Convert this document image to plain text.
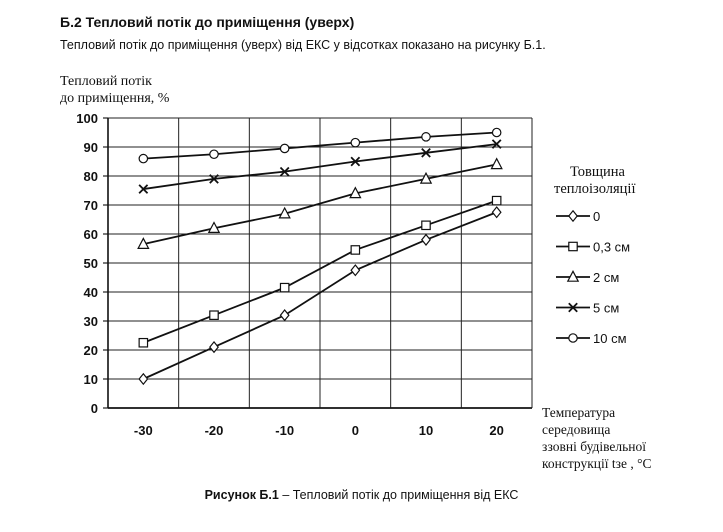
Б.2 Тепловий потік до приміщення (уверх)
Тепловий потік до приміщення (уверх) від ЕКС у відсотках показано на рисунку Б.1.
Тепловий потік
до приміщення, %
Температура
середовища
ззовні будівельної
конструкції tзе , °C
0
10
20
30
40
50
60
70
80
90
100
-30	-20	-10	0	10	20
Товщина
теплоізоляції
0
0,3 см
2 см
5 см
10 см
Рисунок Б.1 – Тепловий потік до приміщення від ЕКС
